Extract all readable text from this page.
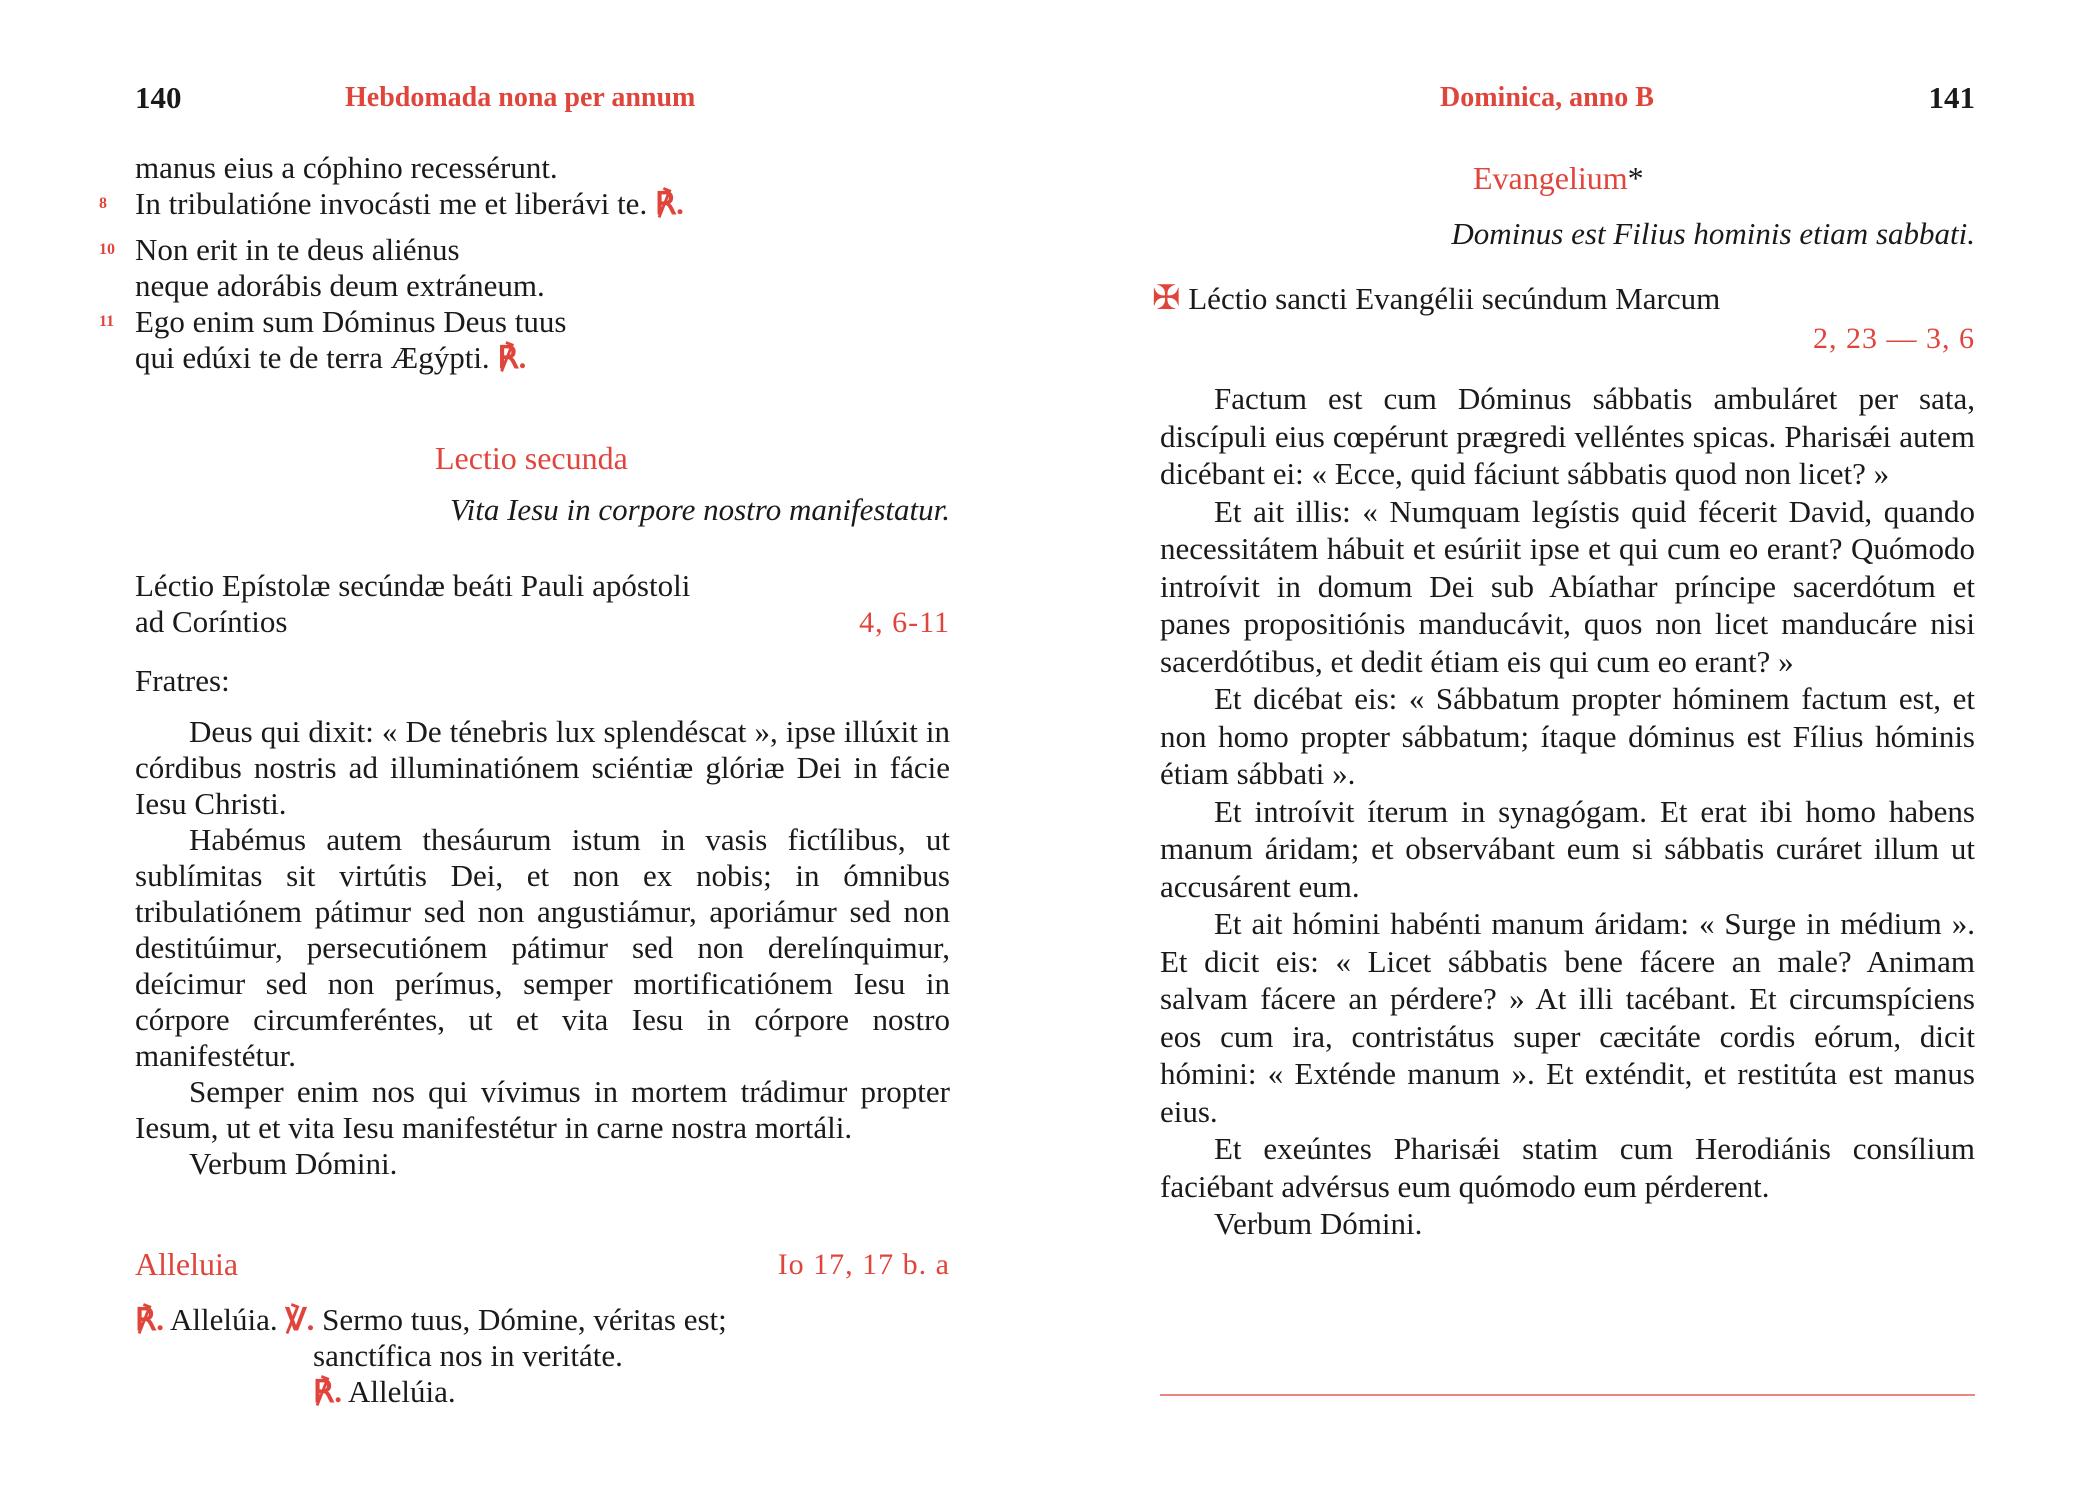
140	Hebdomada nona per annum
manus eius a cóphino recessérunt.
8 In tribulatióne invocásti me et liberávi te. ℟.
10 Non erit in te deus aliénus
neque adorábis deum extráneum.
11 Ego enim sum Dóminus Deus tuus
qui edúxi te de terra Ægýpti. ℟.
Lectio secunda
Vita Iesu in corpore nostro manifestatur.
Léctio Epístolæ secúndæ beáti Pauli apóstoli
ad Coríntios	4, 6-11
Fratres:

Deus qui dixit: « De ténebris lux splendéscat », ipse illúxit in córdibus nostris ad illuminatiónem sciéntiæ glóriæ Dei in fácie Iesu Christi.

Habémus autem thesáurum istum in vasis fictílibus, ut sublímitas sit virtútis Dei, et non ex nobis; in ómnibus tribulatiónem pátimur sed non angustiámur, aporiámur sed non destitúimur, persecutiónem pátimur sed non derelínquimur, deícimur sed non perímus, semper mortificatiónem Iesu in córpore circumferéntes, ut et vita Iesu in córpore nostro manifestétur.

Semper enim nos qui vívimus in mortem trádimur propter Iesum, ut et vita Iesu manifestétur in carne nostra mortáli.

Verbum Dómini.

Alleluia	Io 17, 17 b. a
℟. Allelúia. ℣. Sermo tuus, Dómine, véritas est;
sanctífica nos in veritáte.
℟. Allelúia.
Dominica, anno B	141
Evangelium*
Dominus est Filius hominis etiam sabbati.
✠ Léctio sancti Evangélii secúndum Marcum
2, 23 — 3, 6

Factum est cum Dóminus sábbatis ambuláret per sata, discípuli eius cœpérunt prægredi velléntes spicas. Pharisǽi autem dicébant ei: « Ecce, quid fáciunt sábbatis quod non licet? »

Et ait illis: « Numquam legístis quid fécerit David, quando necessitátem hábuit et esúriit ipse et qui cum eo erant? Quómodo introívit in domum Dei sub Abíathar príncipe sacerdótum et panes propositiónis manducávit, quos non licet manducáre nisi sacerdótibus, et dedit étiam eis qui cum eo erant? »

Et dicébat eis: « Sábbatum propter hóminem factum est, et non homo propter sábbatum; ítaque dóminus est Fílius hóminis étiam sábbati ».

Et introívit íterum in synagógam. Et erat ibi homo habens manum áridam; et observábant eum si sábbatis curáret illum ut accusárent eum.

Et ait hómini habénti manum áridam: « Surge in médium ». Et dicit eis: « Licet sábbatis bene fácere an male? Animam salvam fácere an pérdere? » At illi tacébant. Et circumspíciens eos cum ira, contristátus super cæcitáte cordis eórum, dicit hómini: « Exténde manum ». Et exténdit, et restitúta est manus eius.

Et exeúntes Pharisǽi statim cum Herodiánis consílium faciébant advérsus eum quómodo eum pérderent.

Verbum Dómini.
